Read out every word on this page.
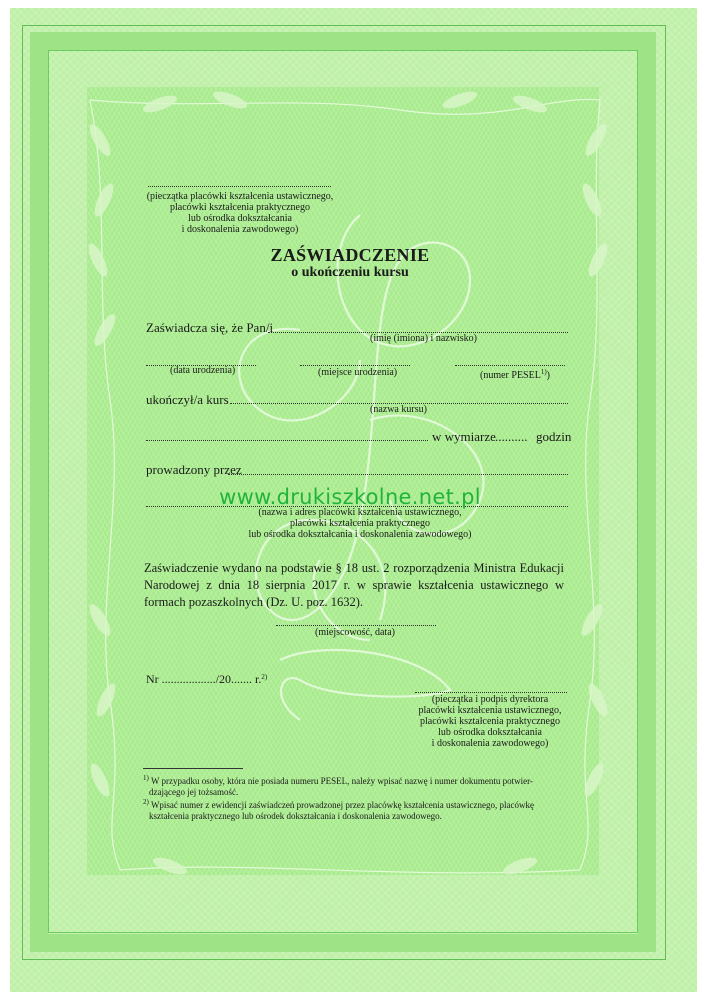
(pieczątka placówki kształcenia ustawicznego,
placówki kształcenia praktycznego
lub ośrodka dokształcania
i doskonalenia zawodowego)
ZAŚWIADCZENIE
o ukończeniu kursu
Zaświadcza się, że Pan/i
(imię (imiona) i nazwisko)
(data urodzenia)	(miejsce urodzenia)	(numer PESEL$^{1)}$)
ukończył/a kurs
(nazwa kursu)
w wymiarze .......... godzin
prowadzony przez
(nazwa i adres placówki kształcenia ustawicznego,
placówki kształcenia praktycznego
lub ośrodka dokształcania i doskonalenia zawodowego)
www.drukiszkolne.net.pl
Zaświadczenie wydano na podstawie § 18 ust. 2 rozporządzenia Ministra Edukacji Narodowej z dnia 18 sierpnia 2017 r. w sprawie kształcenia ustawicznego w formach pozaszkolnych (Dz. U. poz. 1632).
(miejscowość, data)
Nr ................../20....... r.$^{2)}$
(pieczątka i podpis dyrektora
placówki kształcenia ustawicznego,
placówki kształcenia praktycznego
lub ośrodka dokształcania
i doskonalenia zawodowego)
$^{1)}$ W przypadku osoby, która nie posiada numeru PESEL, należy wpisać nazwę i numer dokumentu potwier-
dzającego jej tożsamość.
$^{2)}$ Wpisać numer z ewidencji zaświadczeń prowadzonej przez placówkę kształcenia ustawicznego, placówkę
kształcenia praktycznego lub ośrodek dokształcania i doskonalenia zawodowego.
